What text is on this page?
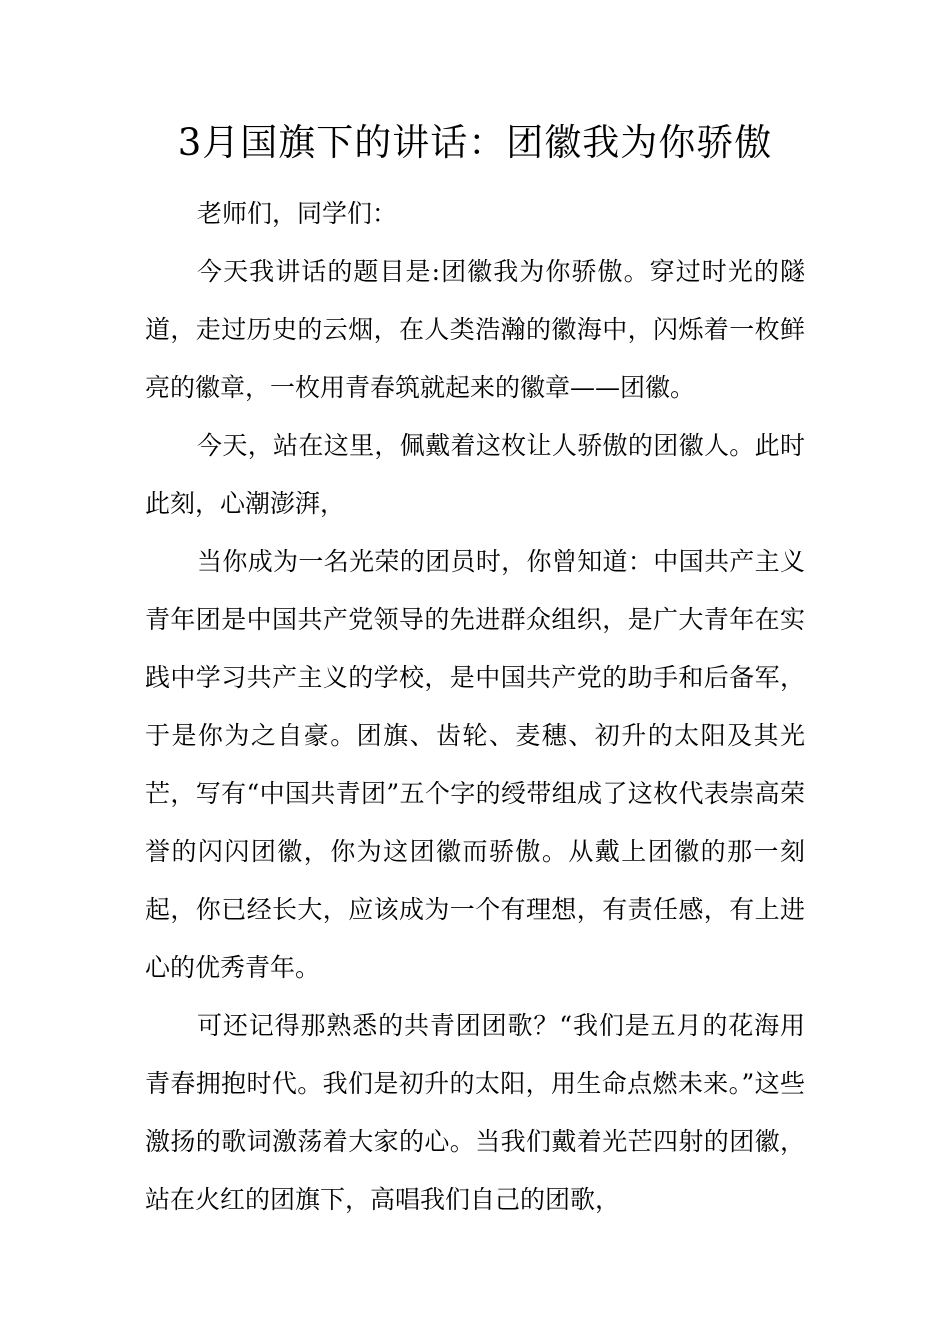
3月国旗下的讲话：团徽我为你骄傲

老师们，同学们：

今天我讲话的题目是:团徽我为你骄傲。穿过时光的隧道，走过历史的云烟，在人类浩瀚的徽海中，闪烁着一枚鲜亮的徽章，一枚用青春筑就起来的徽章——团徽。

今天，站在这里，佩戴着这枚让人骄傲的团徽人。此时此刻，心潮澎湃，

当你成为一名光荣的团员时，你曾知道：中国共产主义青年团是中国共产党领导的先进群众组织，是广大青年在实践中学习共产主义的学校，是中国共产党的助手和后备军，于是你为之自豪。团旗、齿轮、麦穗、初升的太阳及其光芒，写有“中国共青团”五个字的绶带组成了这枚代表崇高荣誉的闪闪团徽，你为这团徽而骄傲。从戴上团徽的那一刻起，你已经长大，应该成为一个有理想，有责任感，有上进心的优秀青年。

可还记得那熟悉的共青团团歌？“我们是五月的花海用青春拥抱时代。我们是初升的太阳，用生命点燃未来。”这些激扬的歌词激荡着大家的心。当我们戴着光芒四射的团徽，站在火红的团旗下，高唱我们自己的团歌，
